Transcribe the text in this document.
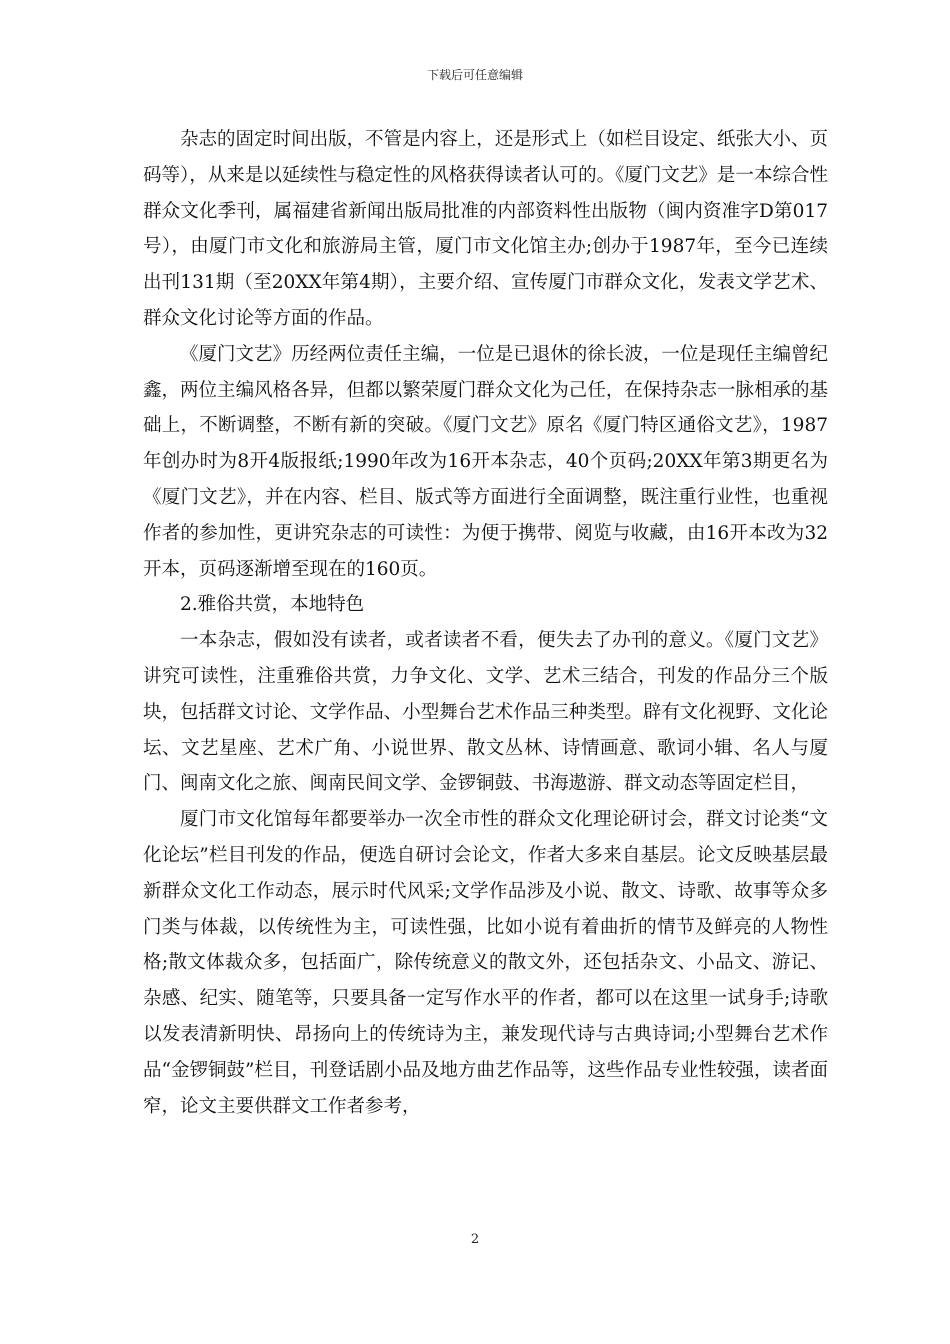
下载后可任意编辑

杂志的固定时间出版，不管是内容上，还是形式上（如栏目设定、纸张大小、页码等），从来是以延续性与稳定性的风格获得读者认可的。《厦门文艺》是一本综合性群众文化季刊，属福建省新闻出版局批准的内部资料性出版物（闽内资准字D第017号），由厦门市文化和旅游局主管，厦门市文化馆主办;创办于1987年，至今已连续出刊131期（至20XX年第4期），主要介绍、宣传厦门市群众文化，发表文学艺术、群众文化讨论等方面的作品。

《厦门文艺》历经两位责任主编，一位是已退休的徐长波，一位是现任主编曾纪鑫，两位主编风格各异，但都以繁荣厦门群众文化为己任，在保持杂志一脉相承的基础上，不断调整，不断有新的突破。《厦门文艺》原名《厦门特区通俗文艺》，1987年创办时为8开4版报纸;1990年改为16开本杂志，40个页码;20XX年第3期更名为《厦门文艺》，并在内容、栏目、版式等方面进行全面调整，既注重行业性，也重视作者的参加性，更讲究杂志的可读性：为便于携带、阅览与收藏，由16开本改为32开本，页码逐渐增至现在的160页。

2.雅俗共赏，本地特色

一本杂志，假如没有读者，或者读者不看，便失去了办刊的意义。《厦门文艺》讲究可读性，注重雅俗共赏，力争文化、文学、艺术三结合，刊发的作品分三个版块，包括群文讨论、文学作品、小型舞台艺术作品三种类型。辟有文化视野、文化论坛、文艺星座、艺术广角、小说世界、散文丛林、诗情画意、歌词小辑、名人与厦门、闽南文化之旅、闽南民间文学、金锣铜鼓、书海遨游、群文动态等固定栏目，

厦门市文化馆每年都要举办一次全市性的群众文化理论研讨会，群文讨论类“文化论坛”栏目刊发的作品，便选自研讨会论文，作者大多来自基层。论文反映基层最新群众文化工作动态，展示时代风采;文学作品涉及小说、散文、诗歌、故事等众多门类与体裁，以传统性为主，可读性强，比如小说有着曲折的情节及鲜亮的人物性格;散文体裁众多，包括面广，除传统意义的散文外，还包括杂文、小品文、游记、杂感、纪实、随笔等，只要具备一定写作水平的作者，都可以在这里一试身手;诗歌以发表清新明快、昂扬向上的传统诗为主，兼发现代诗与古典诗词;小型舞台艺术作品“金锣铜鼓”栏目，刊登话剧小品及地方曲艺作品等，这些作品专业性较强，读者面窄，论文主要供群文工作者参考，

2
